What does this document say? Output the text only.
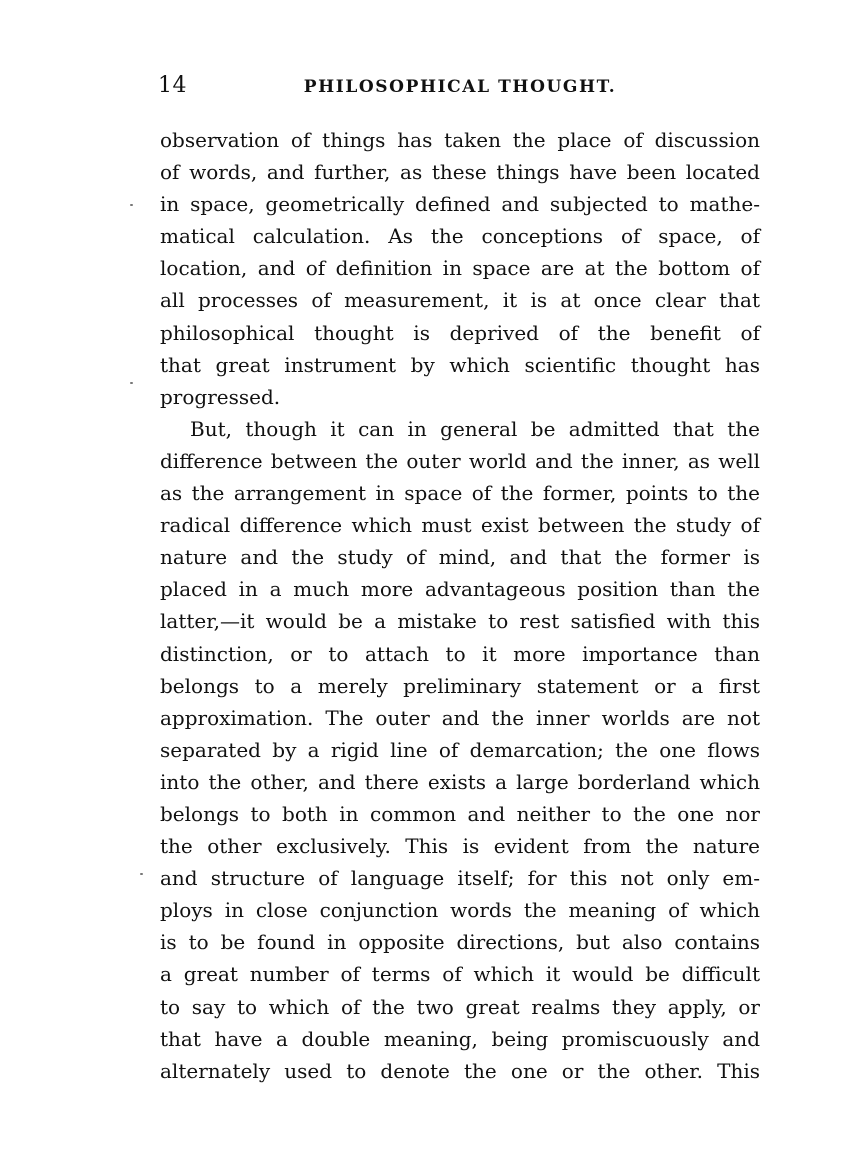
14	PHILOSOPHICAL THOUGHT.
observation of things has taken the place of discussion
of words, and further, as these things have been located
in space, geometrically defined and subjected to mathe-
matical calculation. As the conceptions of space, of
location, and of definition in space are at the bottom of
all processes of measurement, it is at once clear that
philosophical thought is deprived of the benefit of
that great instrument by which scientific thought has
progressed.
But, though it can in general be admitted that the
difference between the outer world and the inner, as well
as the arrangement in space of the former, points to the
radical difference which must exist between the study of
nature and the study of mind, and that the former is
placed in a much more advantageous position than the
latter,—it would be a mistake to rest satisfied with this
distinction, or to attach to it more importance than
belongs to a merely preliminary statement or a first
approximation. The outer and the inner worlds are not
separated by a rigid line of demarcation; the one flows
into the other, and there exists a large borderland which
belongs to both in common and neither to the one nor
the other exclusively. This is evident from the nature
and structure of language itself; for this not only em-
ploys in close conjunction words the meaning of which
is to be found in opposite directions, but also contains
a great number of terms of which it would be difficult
to say to which of the two great realms they apply, or
that have a double meaning, being promiscuously and
alternately used to denote the one or the other. This
